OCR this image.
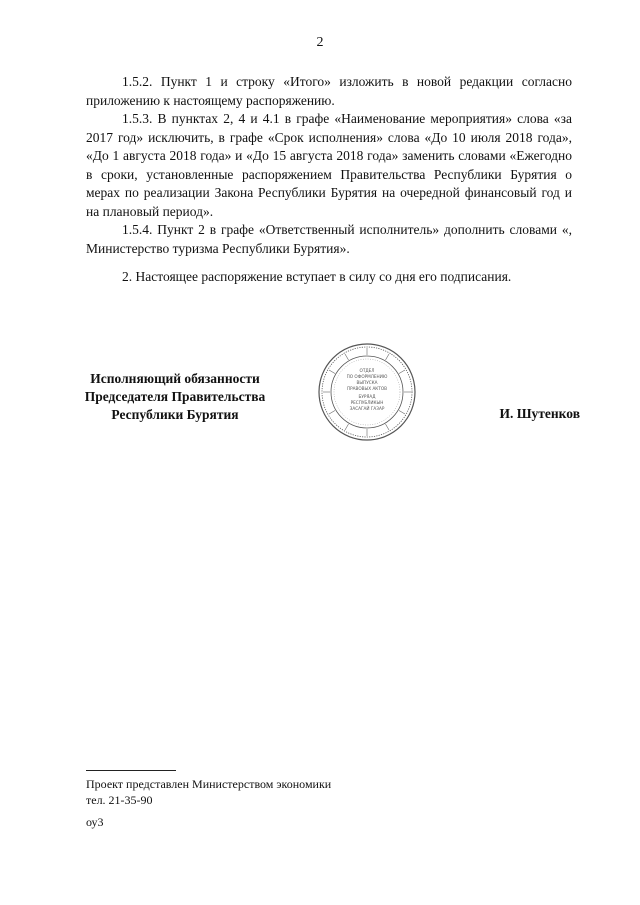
2

1.5.2. Пункт 1 и строку «Итого» изложить в новой редакции согласно приложению к настоящему распоряжению.

1.5.3. В пунктах 2, 4 и 4.1 в графе «Наименование мероприятия» слова «за 2017 год» исключить, в графе «Срок исполнения» слова «До 10 июля 2018 года», «До 1 августа 2018 года» и «До 15 августа 2018 года» заменить словами «Ежегодно в сроки, установленные распоряжением Правительства Республики Бурятия о мерах по реализации Закона Республики Бурятия на очередной финансовый год и на плановый период».

1.5.4. Пункт 2 в графе «Ответственный исполнитель» дополнить словами «, Министерство туризма Республики Бурятия».

2. Настоящее распоряжение вступает в силу со дня его подписания.

Исполняющий обязанности
Председателя Правительства
Республики Бурятия
ОТДЕЛ
ПО ОФОРМЛЕНИЮ
ВЫПУСКА
ПРАВОВЫХ АКТОВ
БУРЯАД
РЕСПУБЛИКЫН
ЗАСАГАЙ ГАЗАР	И. Шутенков
Проект представлен Министерством экономики
тел. 21-35-90
оу3
